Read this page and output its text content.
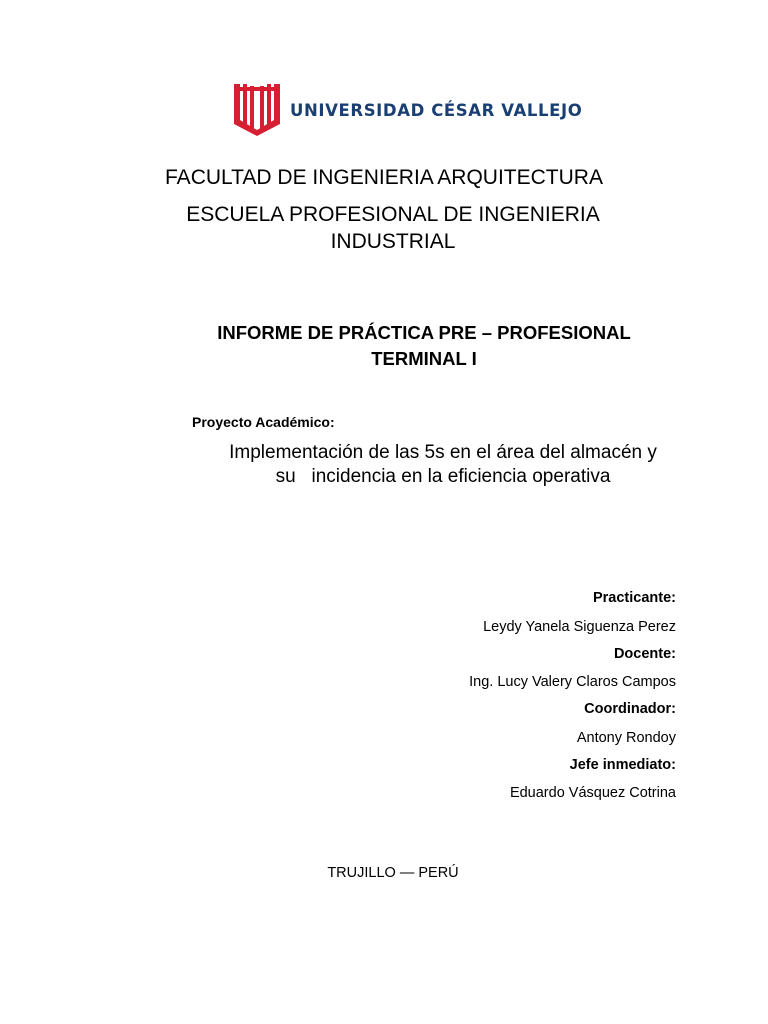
UNIVERSIDAD CÉSAR VALLEJO
FACULTAD DE INGENIERIA ARQUITECTURA
ESCUELA PROFESIONAL DE INGENIERIA INDUSTRIAL
INFORME DE PRÁCTICA PRE – PROFESIONAL TERMINAL I
Proyecto Académico:
Implementación de las 5s en el área del almacén y
su   incidencia en la eficiencia operativa
Practicante:
Leydy Yanela Siguenza Perez
Docente:
Ing. Lucy Valery Claros Campos
Coordinador:
Antony Rondoy
Jefe inmediato:
Eduardo Vásquez Cotrina
TRUJILLO — PERÚ
